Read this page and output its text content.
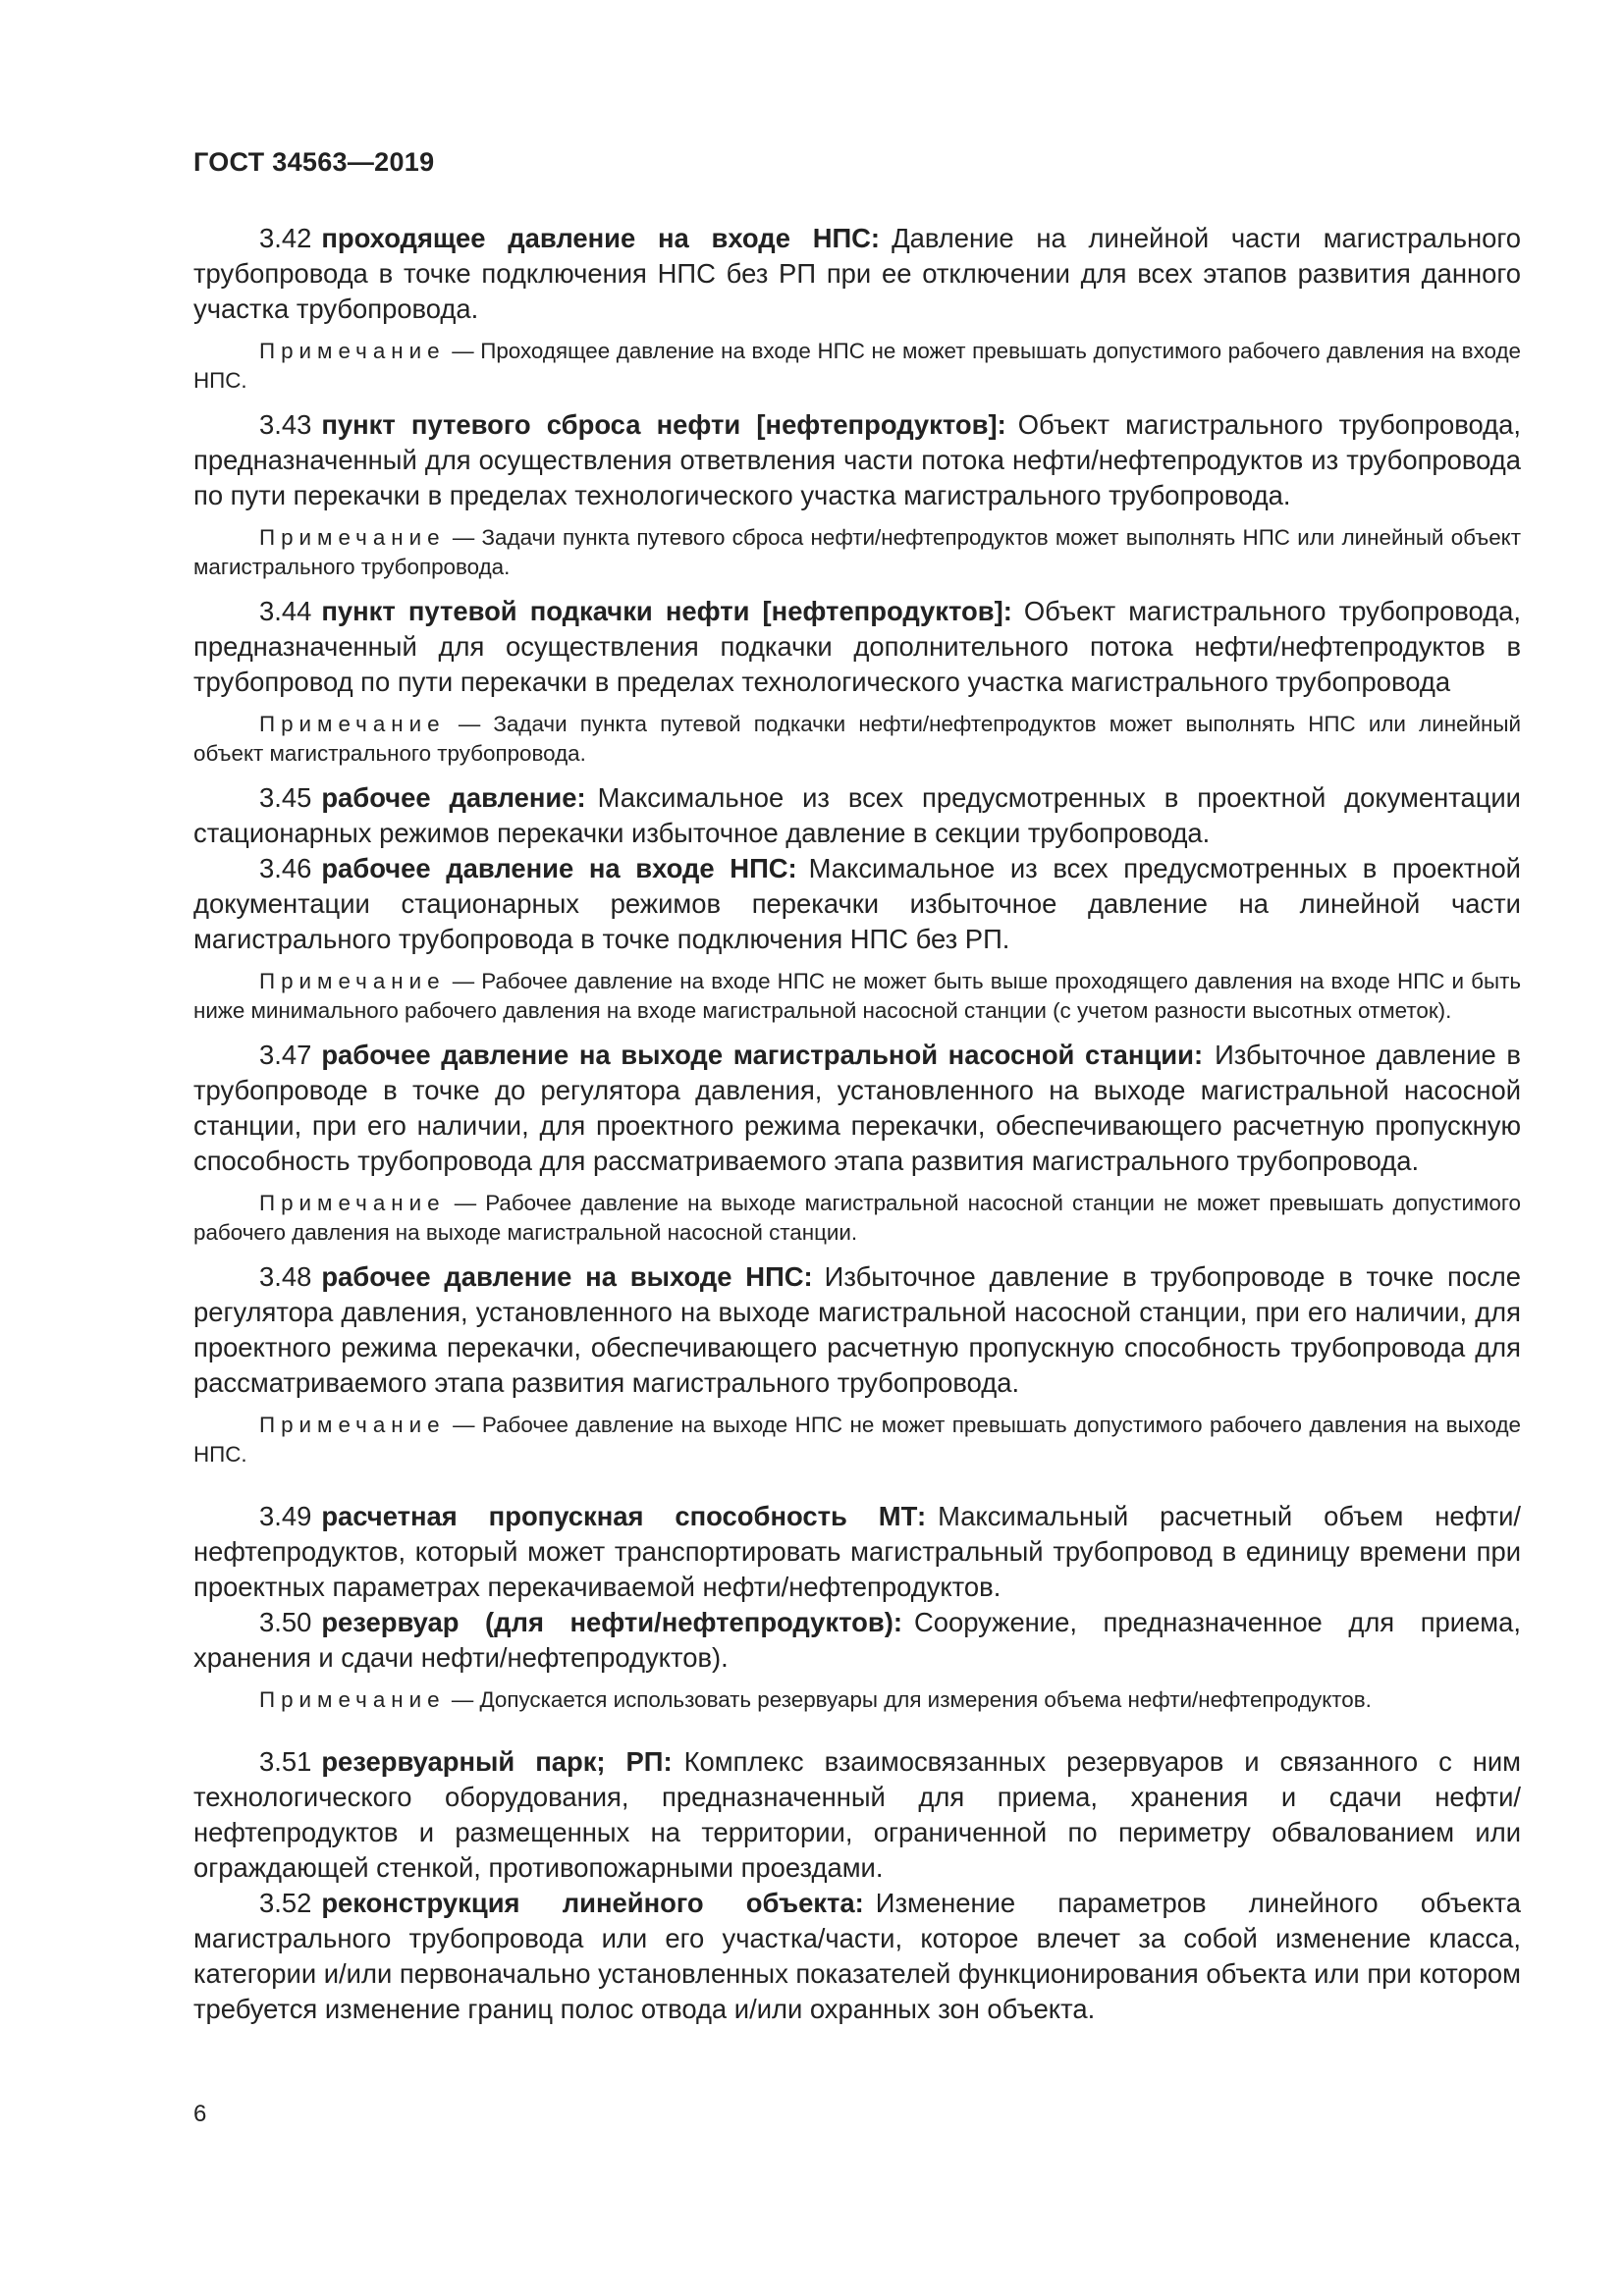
ГОСТ 34563—2019

3.42 проходящее давление на входе НПС: Давление на линейной части магистрального трубопровода в точке подключения НПС без РП при ее отключении для всех этапов развития данного участка трубопровода.

Примечание — Проходящее давление на входе НПС не может превышать допустимого рабочего давления на входе НПС.

3.43 пункт путевого сброса нефти [нефтепродуктов]: Объект магистрального трубопровода, предназначенный для осуществления ответвления части потока нефти/нефтепродуктов из трубопровода по пути перекачки в пределах технологического участка магистрального трубопровода.

Примечание — Задачи пункта путевого сброса нефти/нефтепродуктов может выполнять НПС или линейный объект магистрального трубопровода.

3.44 пункт путевой подкачки нефти [нефтепродуктов]: Объект магистрального трубопровода, предназначенный для осуществления подкачки дополнительного потока нефти/нефтепродуктов в трубопровод по пути перекачки в пределах технологического участка магистрального трубопровода

Примечание — Задачи пункта путевой подкачки нефти/нефтепродуктов может выполнять НПС или линейный объект магистрального трубопровода.

3.45 рабочее давление: Максимальное из всех предусмотренных в проектной документации стационарных режимов перекачки избыточное давление в секции трубопровода.

3.46 рабочее давление на входе НПС: Максимальное из всех предусмотренных в проектной документации стационарных режимов перекачки избыточное давление на линейной части магистрального трубопровода в точке подключения НПС без РП.

Примечание — Рабочее давление на входе НПС не может быть выше проходящего давления на входе НПС и быть ниже минимального рабочего давления на входе магистральной насосной станции (с учетом разности высотных отметок).

3.47 рабочее давление на выходе магистральной насосной станции: Избыточное давление в трубопроводе в точке до регулятора давления, установленного на выходе магистральной насосной станции, при его наличии, для проектного режима перекачки, обеспечивающего расчетную пропускную способность трубопровода для рассматриваемого этапа развития магистрального трубопровода.

Примечание — Рабочее давление на выходе магистральной насосной станции не может превышать допустимого рабочего давления на выходе магистральной насосной станции.

3.48 рабочее давление на выходе НПС: Избыточное давление в трубопроводе в точке после регулятора давления, установленного на выходе магистральной насосной станции, при его наличии, для проектного режима перекачки, обеспечивающего расчетную пропускную способность трубопровода для рассматриваемого этапа развития магистрального трубопровода.

Примечание — Рабочее давление на выходе НПС не может превышать допустимого рабочего давления на выходе НПС.

3.49 расчетная пропускная способность МТ: Максимальный расчетный объем нефти/нефтепродуктов, который может транспортировать магистральный трубопровод в единицу времени при проектных параметрах перекачиваемой нефти/нефтепродуктов.

3.50 резервуар (для нефти/нефтепродуктов): Сооружение, предназначенное для приема, хранения и сдачи нефти/нефтепродуктов).

Примечание — Допускается использовать резервуары для измерения объема нефти/нефтепродуктов.

3.51 резервуарный парк; РП: Комплекс взаимосвязанных резервуаров и связанного с ним технологического оборудования, предназначенный для приема, хранения и сдачи нефти/нефтепродуктов и размещенных на территории, ограниченной по периметру обвалованием или ограждающей стенкой, противопожарными проездами.

3.52 реконструкция линейного объекта: Изменение параметров линейного объекта магистрального трубопровода или его участка/части, которое влечет за собой изменение класса, категории и/или первоначально установленных показателей функционирования объекта или при котором требуется изменение границ полос отвода и/или охранных зон объекта.

6
